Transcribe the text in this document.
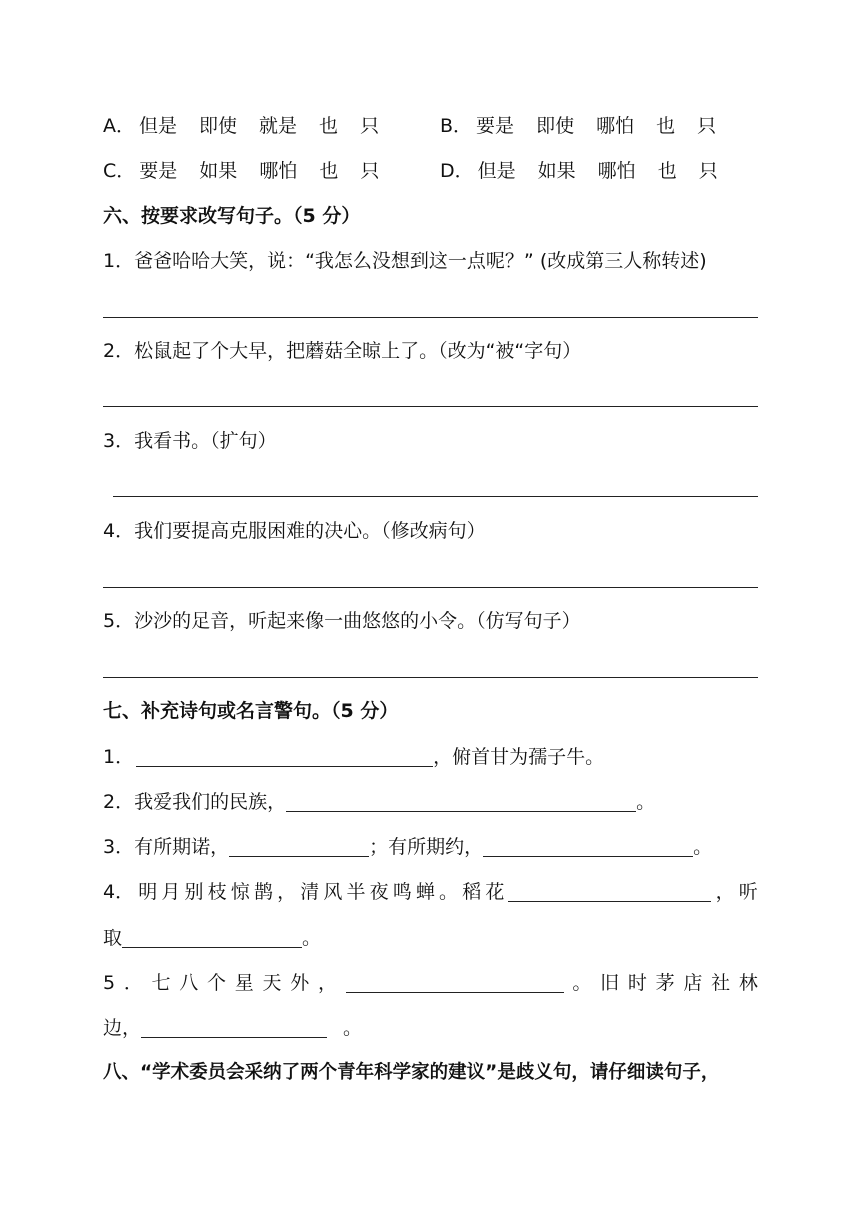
A． 但是 即使 就是 也 只	B． 要是 即使 哪怕 也 只
C． 要是 如果 哪怕 也 只	D． 但是 如果 哪怕 也 只
六、按要求改写句子。（5 分）
1．爸爸哈哈大笑，说：“我怎么没想到这一点呢？” (改成第三人称转述)
2．松鼠起了个大早，把蘑菇全晾上了。（改为“被“字句）
3．我看书。（扩句）
4．我们要提高克服困难的决心。（修改病句）
5．沙沙的足音，听起来像一曲悠悠的小令。（仿写句子）
七、补充诗句或名言警句。（5 分）
1．	，俯首甘为孺子牛。
2．我爱我们的民族，	。
3．有所期诺，	；有所期约，	。
4． 明 月 别 枝 惊 鹊 ， 清 风 半 夜 鸣 蝉 。 稻 花	， 听
取	。
5 ． 七 八 个 星 天 外 ，	。 旧 时 茅 店 社 林
边，	。
八、“学术委员会采纳了两个青年科学家的建议”是歧义句，请仔细读句子，
